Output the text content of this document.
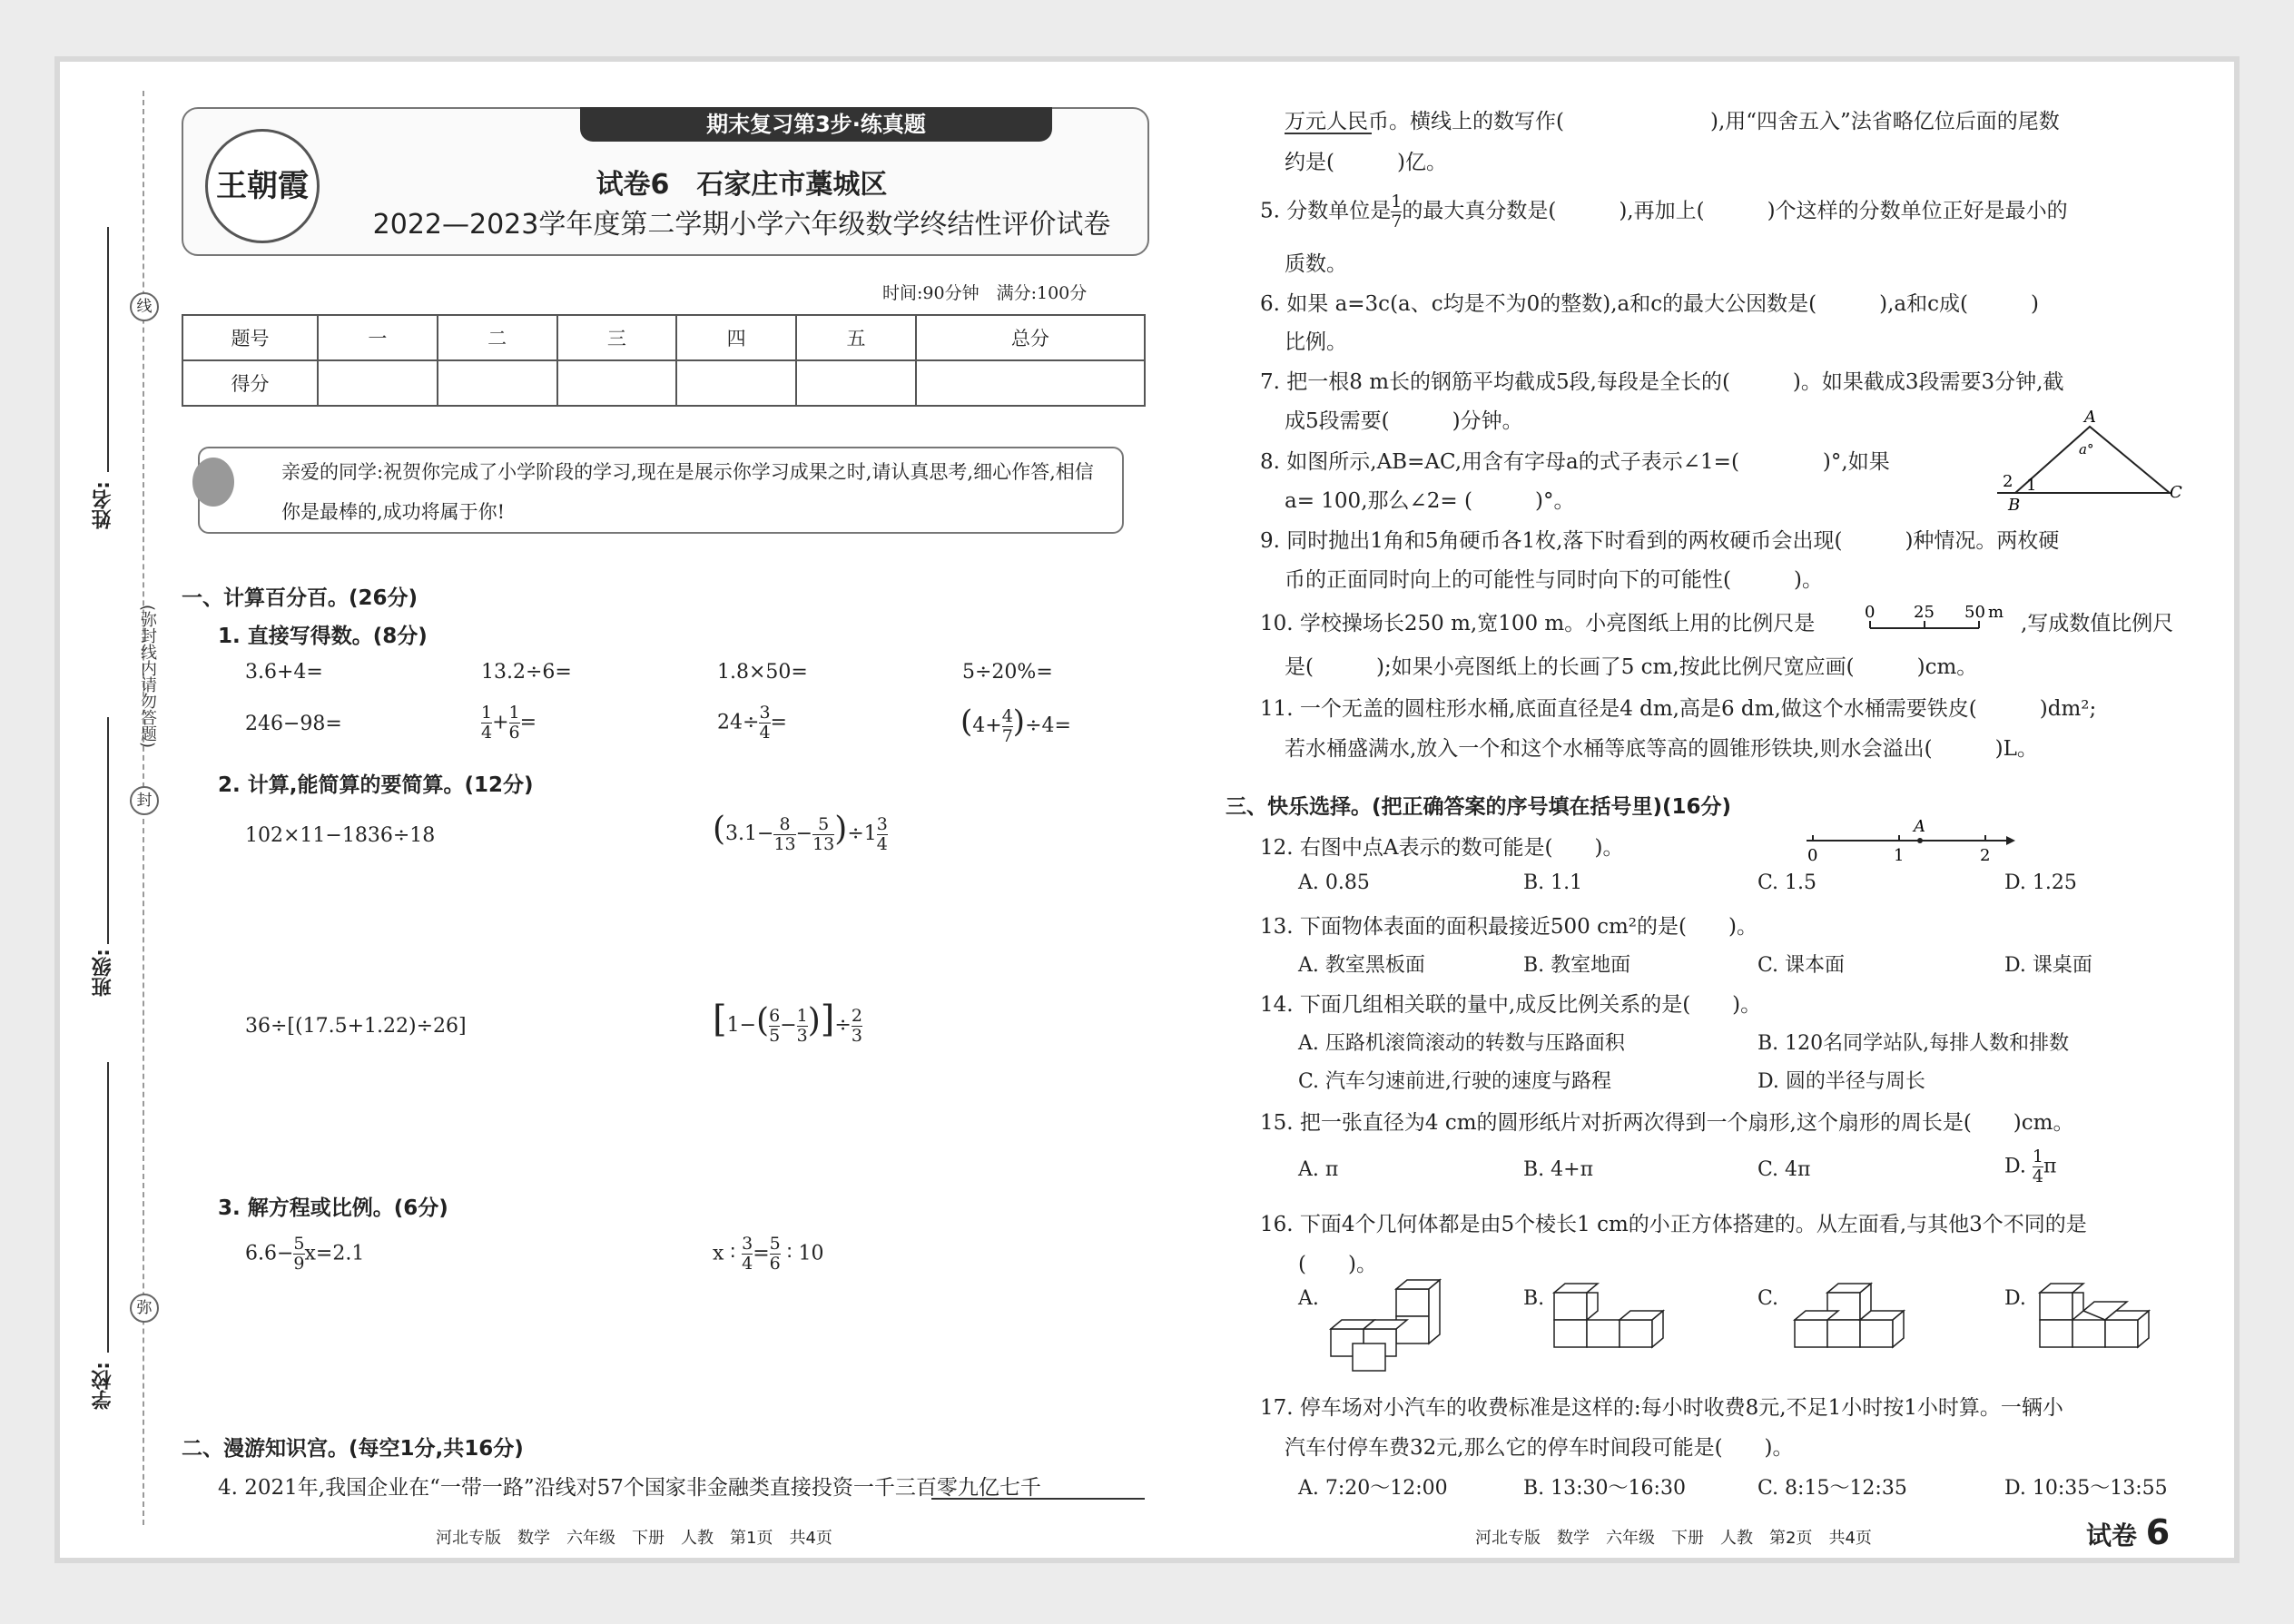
线
封
弥
(弥封线内请勿答题)
姓名:
班级:
学校:
期末复习第3步·练真题
王朝霞	试卷6　石家庄市藁城区
2022—2023学年度第二学期小学六年级数学终结性评价试卷
时间:90分钟　满分:100分
题号	一	二	三	四	五	总分
得分						
亲爱的同学:祝贺你完成了小学阶段的学习,现在是展示你学习成果之时,请认真思考,细心作答,相信你是最棒的,成功将属于你!
一、计算百分百。(26分)
1. 直接写得数。(8分)
3.6+4=	13.2÷6=	1.8×50=	5÷20%=
246−98=	$\frac{1}{4} + \frac{1}{6}$ =	$24\div \frac{3}{4}$ =	$(4+ \frac{4}{7} )\div 4=$
2. 计算,能简算的要简算。(12分)
102×11−1836÷18	$(3.1- \frac{8}{13} - \frac{5}{13} )\div 1 \frac{3}{4}$
36÷[(17.5+1.22)÷26]	[$1-( \frac{6}{5} - \frac{1}{3}$ )]÷ $\frac{2}{3}$
3. 解方程或比例。(6分)
$6.6- \frac{5}{9} x=2.1$	x ∶ $\frac{3}{4} = \frac{5}{6}$ ∶ 10
二、漫游知识宫。(每空1分,共16分)
4. 2021年,我国企业在“一带一路”沿线对57个国家非金融类直接投资一千三百零九亿七千
河北专版　数学　六年级　下册　人教　第1页　共4页
万元人民币。横线上的数写作(　　　　　　　),用“四舍五入”法省略亿位后面的尾数
约是(　　　)亿。
5. 分数单位是 $\frac{1}{7}$ 的最大真分数是(　　　),再加上(　　　)个这样的分数单位正好是最小的
质数。
6. 如果 a=3c(a、c均是不为0的整数),a和c的最大公因数是(　　　),a和c成(　　　)
比例。
7. 把一根8 m长的钢筋平均截成5段,每段是全长的(　　　)。如果截成3段需要3分钟,截
成5段需要(　　　)分钟。
8. 如图所示,AB=AC,用含有字母a的式子表示∠1=(　　　　)°,如果
a= 100,那么∠2= (　　　)°。
A
a°
2 1
B
C
9. 同时抛出1角和5角硬币各1枚,落下时看到的两枚硬币会出现(　　　)种情况。两枚硬
币的正面同时向上的可能性与同时向下的可能性(　　　)。
10. 学校操场长250 m,宽100 m。小亮图纸上用的比例尺是	0 25 50 m ,写成数值比例尺
是(　　　);如果小亮图纸上的长画了5 cm,按此比例尺宽应画(　　　)cm。
11. 一个无盖的圆柱形水桶,底面直径是4 dm,高是6 dm,做这个水桶需要铁皮(　　　)dm²;
若水桶盛满水,放入一个和这个水桶等底等高的圆锥形铁块,则水会溢出(　　　)L。
三、快乐选择。(把正确答案的序号填在括号里)(16分)
12. 右图中点A表示的数可能是(　　)。	0	1	2
A
A. 0.85	B. 1.1	C. 1.5	D. 1.25
13. 下面物体表面的面积最接近500 cm²的是(　　)。
A. 教室黑板面	B. 教室地面	C. 课本面	D. 课桌面
14. 下面几组相关联的量中,成反比例关系的是(　　)。
A. 压路机滚筒滚动的转数与压路面积	B. 120名同学站队,每排人数和排数
C. 汽车匀速前进,行驶的速度与路程	D. 圆的半径与周长
15. 把一张直径为4 cm的圆形纸片对折两次得到一个扇形,这个扇形的周长是(　　)cm。
A. π	B. 4+π	C. 4π	D. $\frac{1}{4}$ π
16. 下面4个几何体都是由5个棱长1 cm的小正方体搭建的。从左面看,与其他3个不同的是
(　　)。
A.	B.	C.	D.
17. 停车场对小汽车的收费标准是这样的:每小时收费8元,不足1小时按1小时算。一辆小
汽车付停车费32元,那么它的停车时间段可能是(　　)。
A. 7:20～12:00	B. 13:30～16:30	C. 8:15～12:35	D. 10:35～13:55
河北专版　数学　六年级　下册　人教　第2页　共4页	试卷 6
